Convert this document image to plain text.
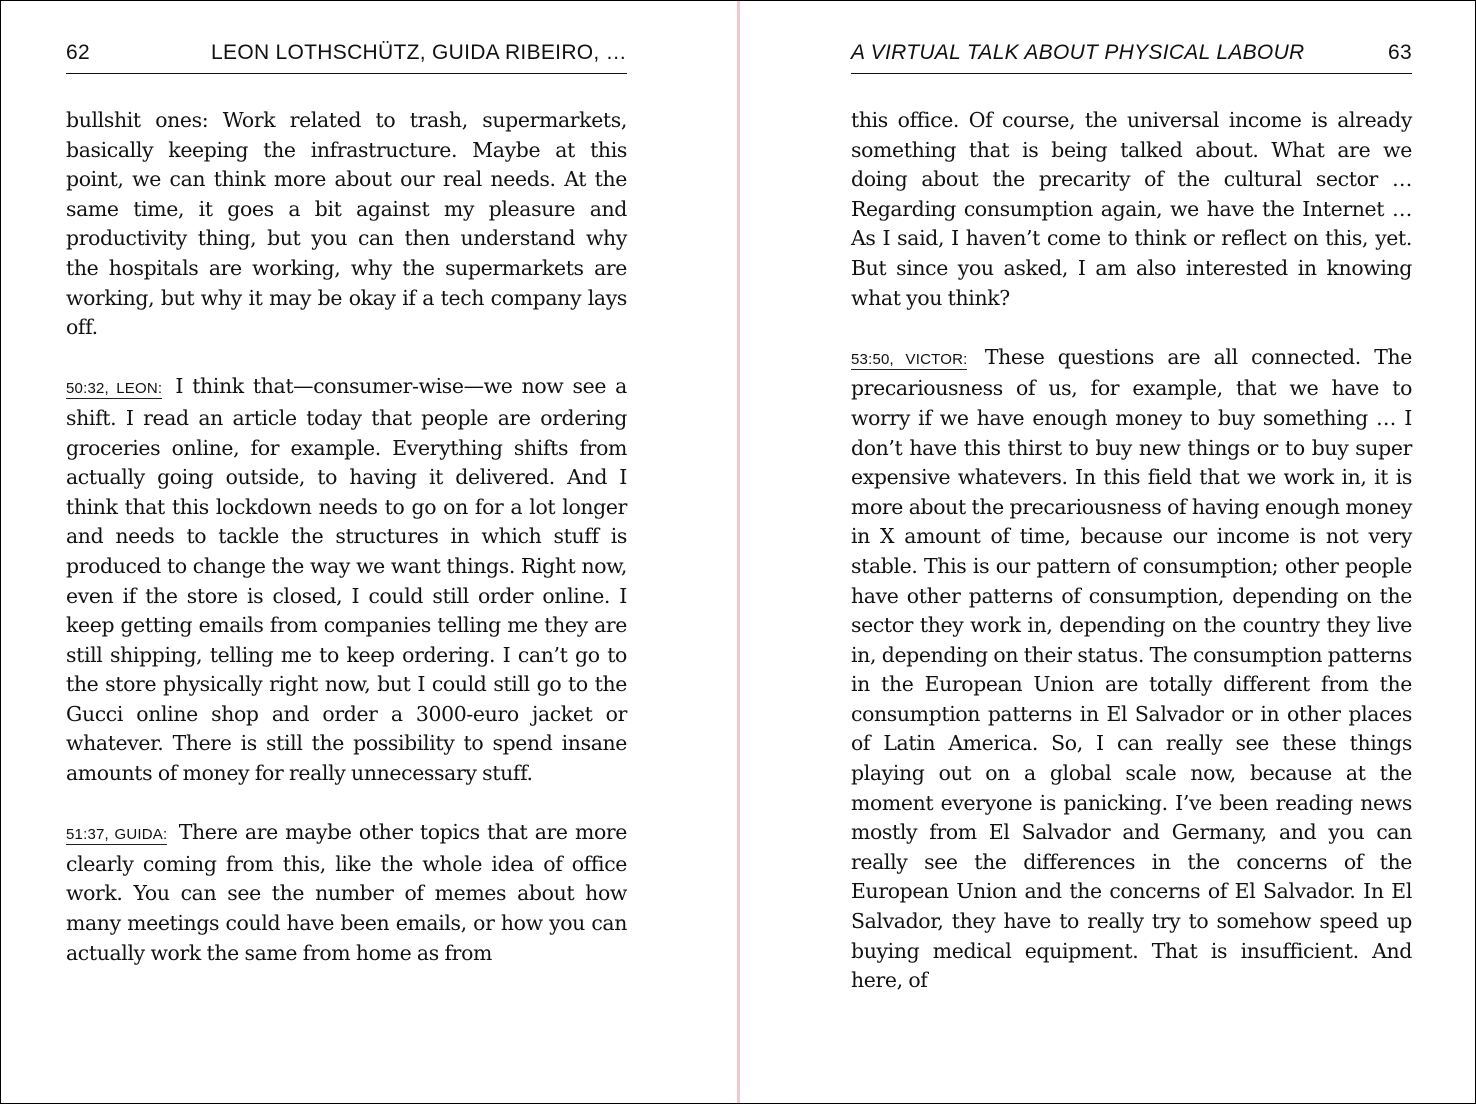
62	LEON LOTHSCHÜTZ, GUIDA RIBEIRO, …

bullshit ones: Work related to trash, supermarkets, basically keeping the infrastructure. Maybe at this point, we can think more about our real needs. At the same time, it goes a bit against my pleasure and productivity thing, but you can then understand why the hospitals are working, why the supermarkets are working, but why it may be okay if a tech company lays off.

50:32, LEON: I think that—consumer-wise—we now see a shift. I read an article today that people are ordering groceries online, for example. Everything shifts from actually going outside, to having it delivered. And I think that this lockdown needs to go on for a lot longer and needs to tackle the structures in which stuff is produced to change the way we want things. Right now, even if the store is closed, I could still order online. I keep getting emails from companies telling me they are still shipping, telling me to keep ordering. I can’t go to the store physically right now, but I could still go to the Gucci online shop and order a 3000-euro jacket or whatever. There is still the possibility to spend insane amounts of money for really unnecessary stuff.

51:37, GUIDA: There are maybe other topics that are more clearly coming from this, like the whole idea of office work. You can see the number of memes about how many meetings could have been emails, or how you can actually work the same from home as from

A VIRTUAL TALK ABOUT PHYSICAL LABOUR	63

this office. Of course, the universal income is already something that is being talked about. What are we doing about the precarity of the cultural sector … Regarding consumption again, we have the Internet … As I said, I haven’t come to think or reflect on this, yet. But since you asked, I am also interested in knowing what you think?

53:50, VICTOR: These questions are all connected. The precariousness of us, for example, that we have to worry if we have enough money to buy something … I don’t have this thirst to buy new things or to buy super expensive whatevers. In this field that we work in, it is more about the precariousness of having enough money in X amount of time, because our income is not very stable. This is our pattern of consumption; other people have other patterns of consumption, depending on the sector they work in, depending on the country they live in, depending on their status. The consumption patterns in the European Union are totally different from the consumption patterns in El Salvador or in other places of Latin America. So, I can really see these things playing out on a global scale now, because at the moment everyone is panicking. I’ve been reading news mostly from El Salvador and Germany, and you can really see the differences in the concerns of the European Union and the concerns of El Salvador. In El Salvador, they have to really try to somehow speed up buying medical equipment. That is insufficient. And here, of
